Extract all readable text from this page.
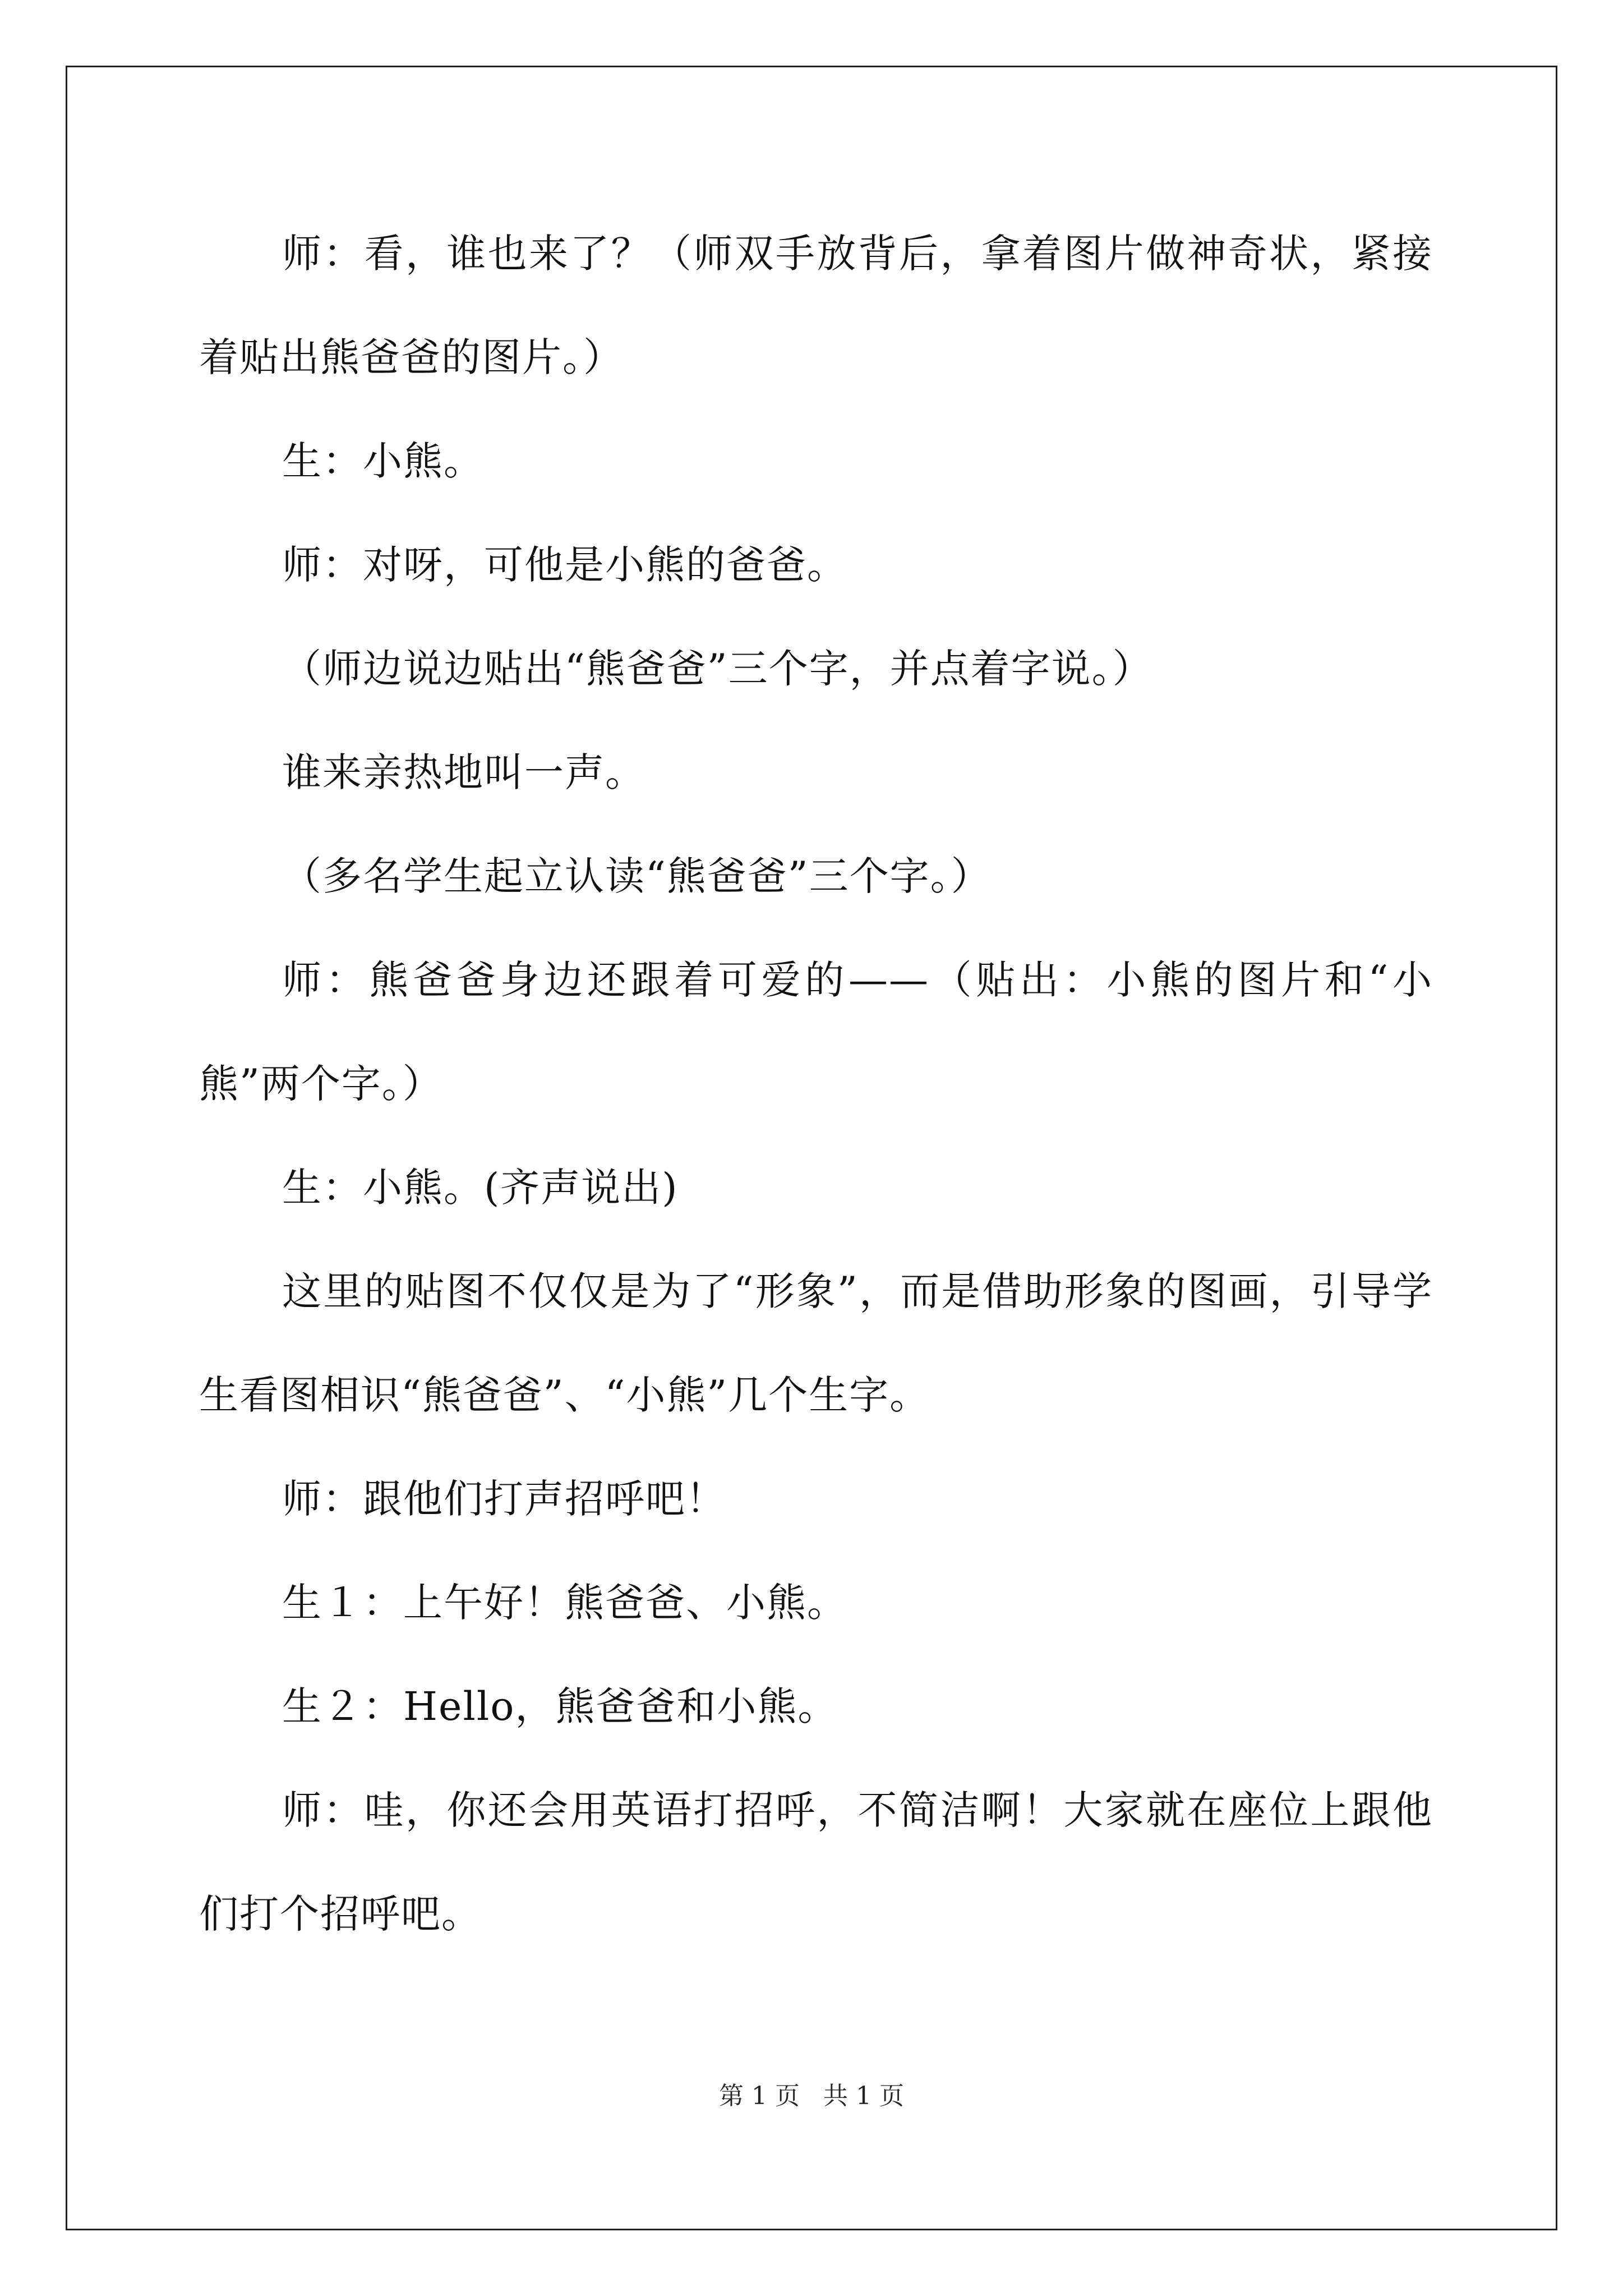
师：看，谁也来了？（师双手放背后，拿着图片做神奇状，紧接着贴出熊爸爸的图片。）

生：小熊。

师：对呀，可他是小熊的爸爸。

（师边说边贴出“熊爸爸”三个字，并点着字说。）

谁来亲热地叫一声。

（多名学生起立认读“熊爸爸”三个字。）

师：熊爸爸身边还跟着可爱的——（贴出：小熊的图片和“小熊”两个字。）

生：小熊。(齐声说出)

这里的贴图不仅仅是为了“形象”，而是借助形象的图画，引导学生看图相识“熊爸爸”、“小熊”几个生字。

师：跟他们打声招呼吧！

生１：上午好！熊爸爸、小熊。

生２：Hello，熊爸爸和小熊。

师：哇，你还会用英语打招呼，不简洁啊！大家就在座位上跟他们打个招呼吧。

第 1 页 共 1 页
